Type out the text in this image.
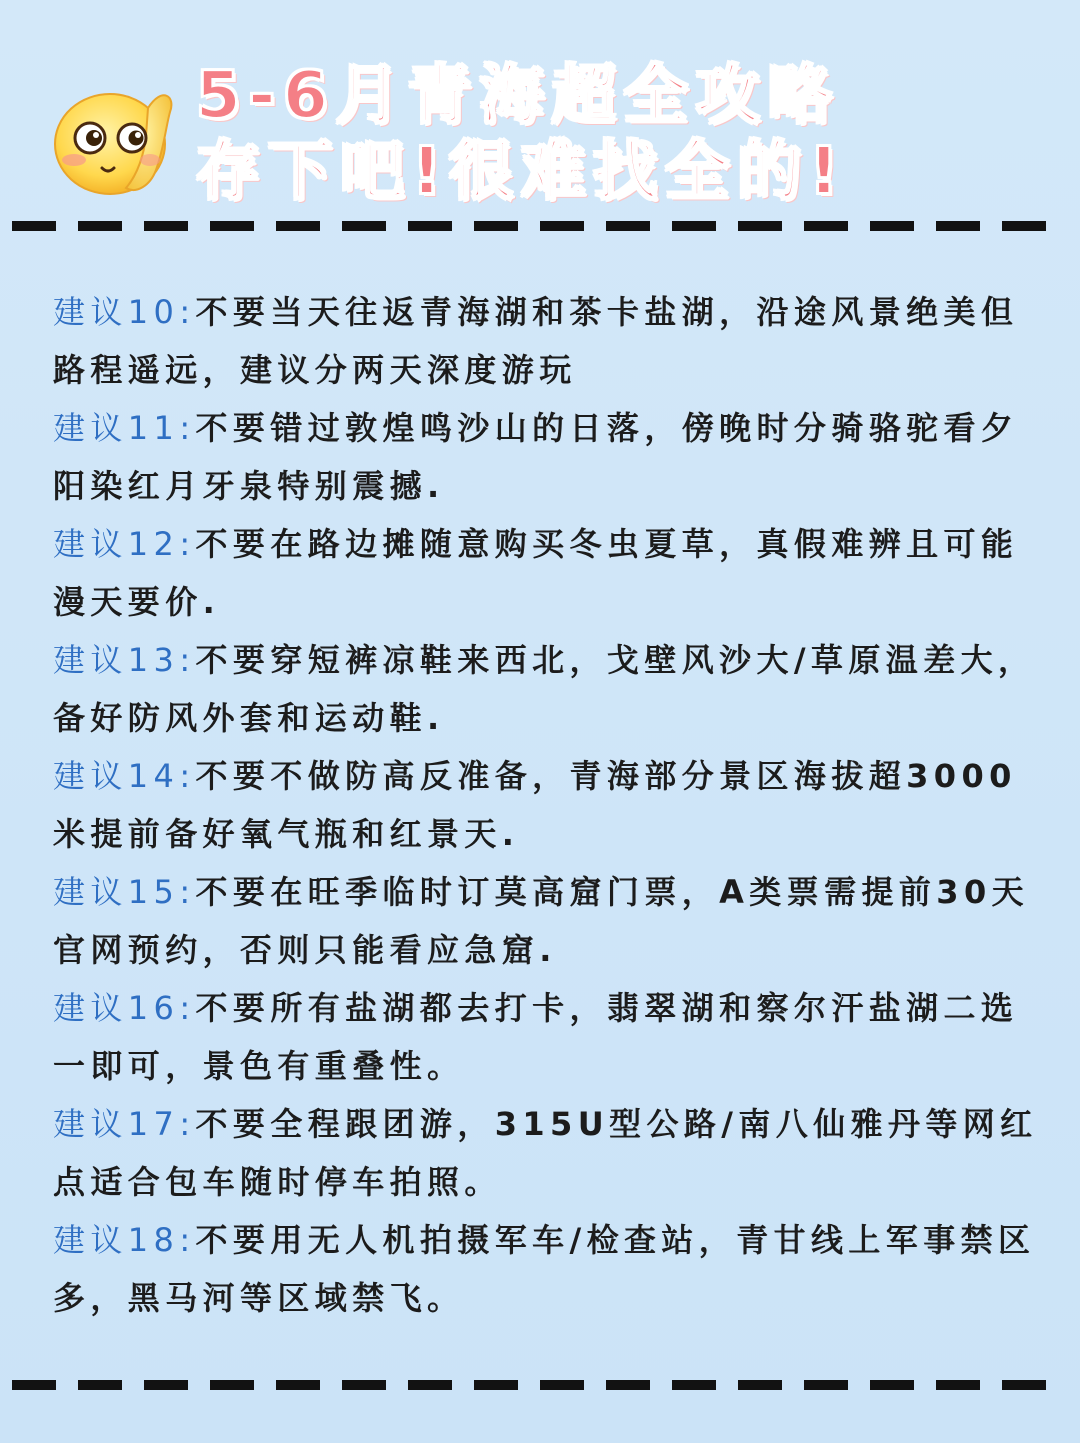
5-6月青海超全攻略
存下吧!很难找全的!
建议10:不要当天往返青海湖和茶卡盐湖，沿途风景绝美但路程遥远，建议分两天深度游玩
建议11:不要错过敦煌鸣沙山的日落，傍晚时分骑骆驼看夕阳染红月牙泉特别震撼.
建议12:不要在路边摊随意购买冬虫夏草，真假难辨且可能漫天要价.
建议13:不要穿短裤凉鞋来西北，戈壁风沙大/草原温差大，备好防风外套和运动鞋.
建议14:不要不做防高反准备，青海部分景区海拔超3000米提前备好氧气瓶和红景天.
建议15:不要在旺季临时订莫高窟门票，A类票需提前30天官网预约，否则只能看应急窟.
建议16:不要所有盐湖都去打卡，翡翠湖和察尔汗盐湖二选一即可，景色有重叠性。
建议17:不要全程跟团游，315U型公路/南八仙雅丹等网红点适合包车随时停车拍照。
建议18:不要用无人机拍摄军车/检查站，青甘线上军事禁区多，黑马河等区域禁飞。
